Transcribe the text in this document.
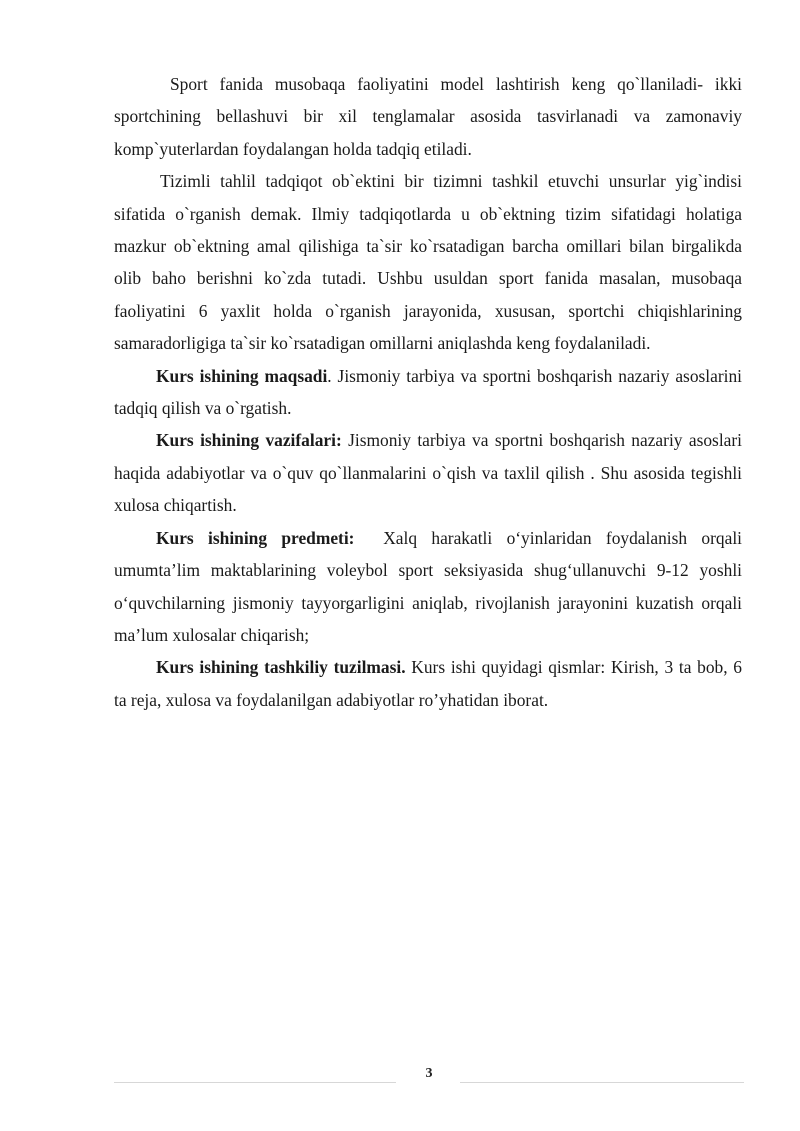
Sport fanida musobaqa faoliyatini model lashtirish keng qo`llaniladi- ikki sportchining bellashuvi bir xil tenglamalar asosida tasvirlanadi va zamonaviy komp`yuterlardan foydalangan holda tadqiq etiladi.

Tizimli tahlil tadqiqot ob`ektini bir tizimni tashkil etuvchi unsurlar yig`indisi sifatida o`rganish demak. Ilmiy tadqiqotlarda u ob`ektning tizim sifatidagi holatiga mazkur ob`ektning amal qilishiga ta`sir ko`rsatadigan barcha omillari bilan birgalikda olib baho berishni ko`zda tutadi. Ushbu usuldan sport fanida masalan, musobaqa faoliyatini 6 yaxlit holda o`rganish jarayonida, xususan, sportchi chiqishlarining samaradorligiga ta`sir ko`rsatadigan omillarni aniqlashda keng foydalaniladi.

Kurs ishining maqsadi. Jismoniy tarbiya va sportni boshqarish nazariy asoslarini tadqiq qilish va o`rgatish.

Kurs ishining vazifalari: Jismoniy tarbiya va sportni boshqarish nazariy asoslari haqida adabiyotlar va o`quv qo`llanmalarini o`qish va taxlil qilish . Shu asosida tegishli xulosa chiqartish.

Kurs ishining predmeti:  Xalq harakatli o‘yinlaridan foydalanish orqali umumta’lim maktablarining voleybol sport seksiyasida shug‘ullanuvchi 9-12 yoshli o‘quvchilarning jismoniy tayyorgarligini aniqlab, rivojlanish jarayonini kuzatish orqali ma’lum xulosalar chiqarish;

Kurs ishining tashkiliy tuzilmasi. Kurs ishi quyidagi qismlar: Kirish, 3 ta bob, 6 ta reja, xulosa va foydalanilgan adabiyotlar ro’yhatidan iborat.

3
